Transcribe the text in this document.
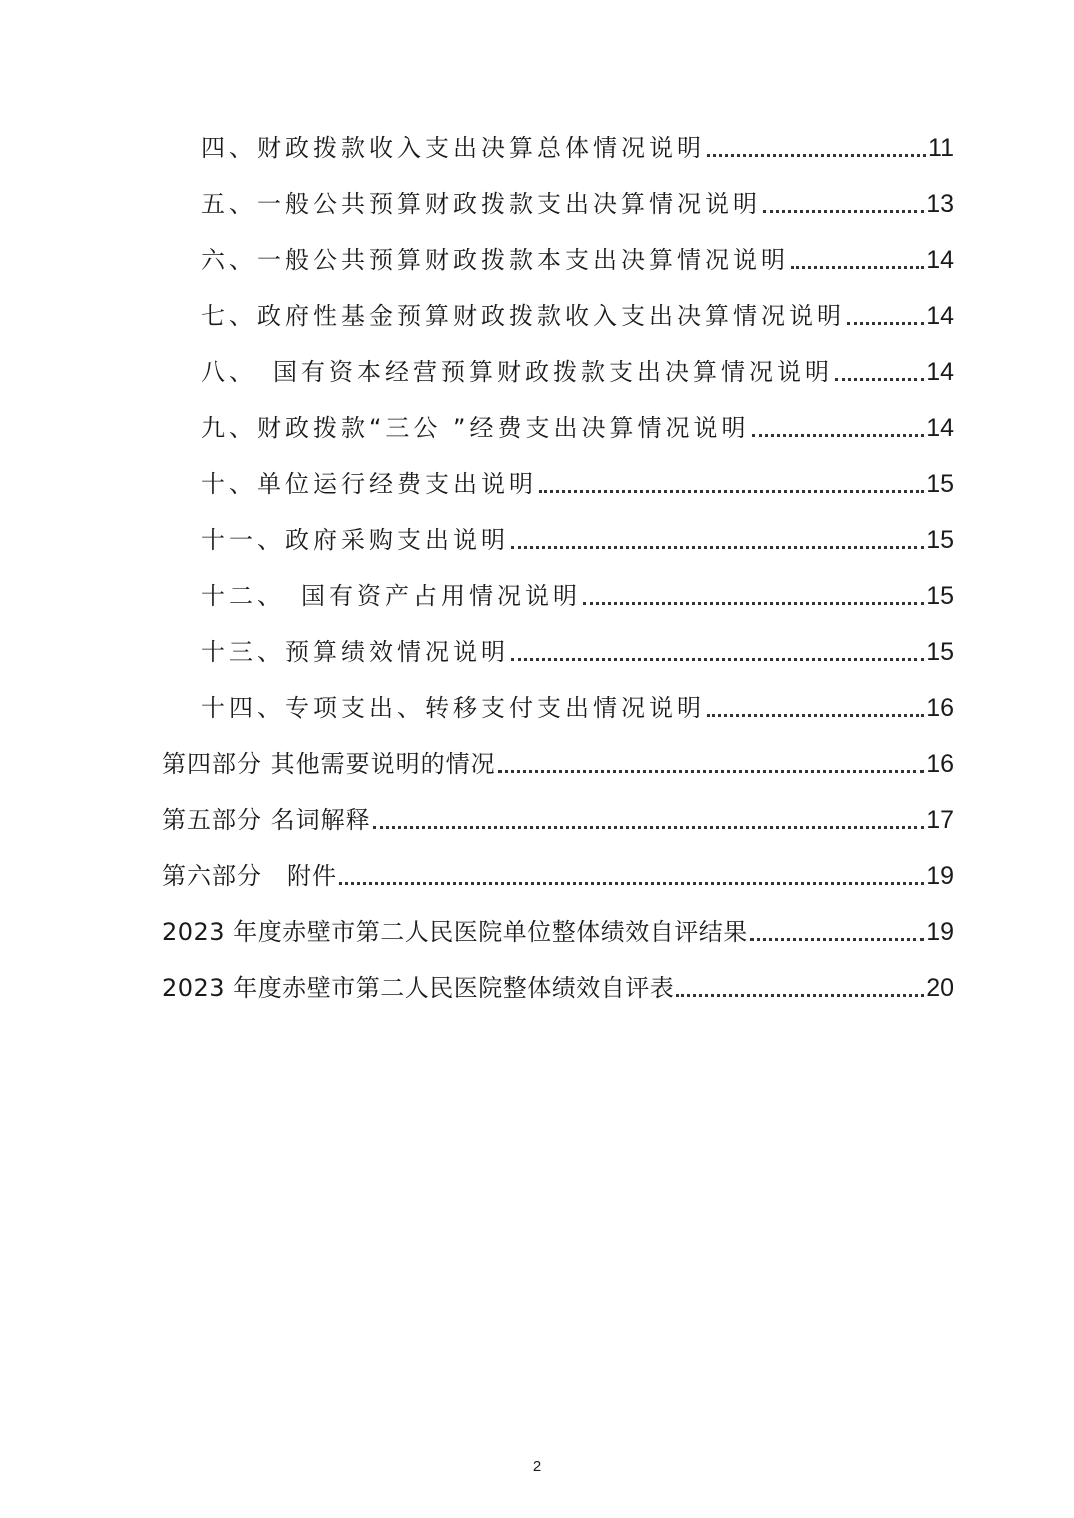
四、财政拨款收入支出决算总体情况说明	11
五、一般公共预算财政拨款支出决算情况说明	13
六、一般公共预算财政拨款本支出决算情况说明	14
七、政府性基金预算财政拨款收入支出决算情况说明	14
八、　国有资本经营预算财政拨款支出决算情况说明	14
九、财政拨款“三公 ”经费支出决算情况说明	14
十、单位运行经费支出说明	15
十一、政府采购支出说明	15
十二、　国有资产占用情况说明	15
十三、预算绩效情况说明	15
十四、专项支出、转移支付支出情况说明	16
第四部分 其他需要说明的情况	16
第五部分 名词解释	17
第六部分　附件	19
2023 年度赤壁市第二人民医院单位整体绩效自评结果	19
2023 年度赤壁市第二人民医院整体绩效自评表	20
2
